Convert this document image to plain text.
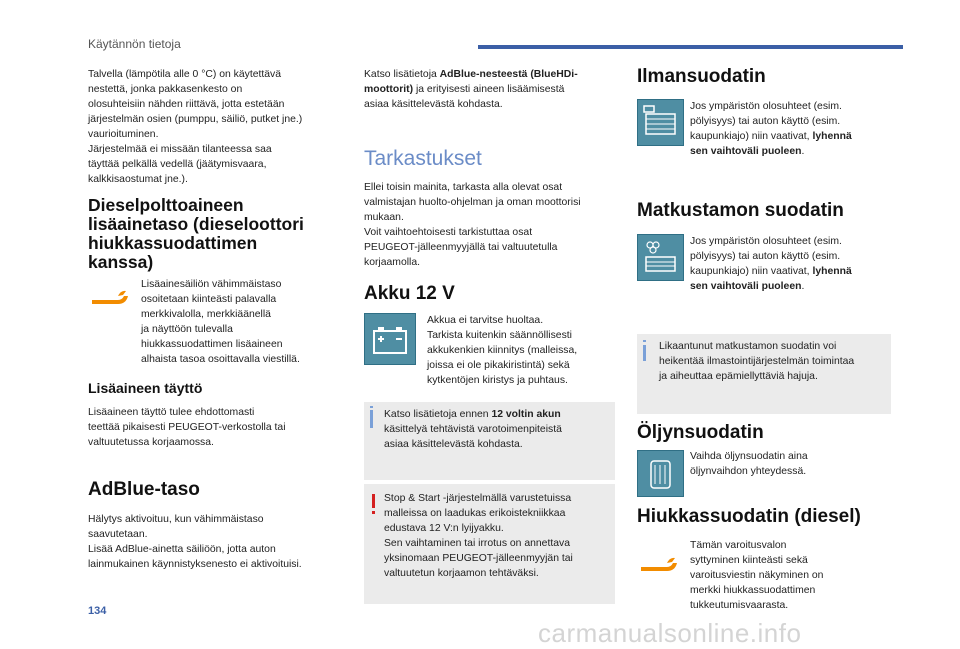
Käytännön tietoja
Talvella (lämpötila alle 0 °C) on käytettävä
nestettä, jonka pakkasenkesto on
olosuhteisiin nähden riittävä, jotta estetään
järjestelmän osien (pumppu, säiliö, putket jne.)
vaurioituminen.
Järjestelmää ei missään tilanteessa saa
täyttää pelkällä vedellä (jäätymisvaara,
kalkkisaostumat jne.).
Dieselpolttoaineen
lisäainetaso (dieseloottori
hiukkassuodattimen
kanssa)
Lisäainesäiliön vähimmäistaso
osoitetaan kiinteästi palavalla
merkkivalolla, merkkiäänellä
ja näyttöön tulevalla
hiukkassuodattimen lisäaineen
alhaista tasoa osoittavalla viestillä.
Lisäaineen täyttö
Lisäaineen täyttö tulee ehdottomasti
teettää pikaisesti PEUGEOT-verkostolla tai
valtuutetussa korjaamossa.
AdBlue-taso
Hälytys aktivoituu, kun vähimmäistaso
saavutetaan.
Lisää AdBlue-ainetta säiliöön, jotta auton
lainmukainen käynnistyksenesto ei aktivoituisi.
Katso lisätietoja AdBlue-nesteestä (BlueHDi-
moottorit) ja erityisesti aineen lisäämisestä
asiaa käsittelevästä kohdasta.
Tarkastukset
Ellei toisin mainita, tarkasta alla olevat osat
valmistajan huolto-ohjelman ja oman moottorisi
mukaan.
Voit vaihtoehtoisesti tarkistuttaa osat
PEUGEOT-jälleenmyyjällä tai valtuutetulla
korjaamolla.
Akku 12 V
Akkua ei tarvitse huoltaa.
Tarkista kuitenkin säännöllisesti
akkukenkien kiinnitys (malleissa,
joissa ei ole pikakiristintä) sekä
kytkentöjen kiristys ja puhtaus.
Katso lisätietoja ennen 12 voltin akun
käsittelyä tehtävistä varotoimenpiteistä
asiaa käsittelevästä kohdasta.
Stop & Start -järjestelmällä varustetuissa
malleissa on laadukas erikoistekniikkaa
edustava 12 V:n lyijyakku.
Sen vaihtaminen tai irrotus on annettava
yksinomaan PEUGEOT-jälleenmyyjän tai
valtuutetun korjaamon tehtäväksi.
Ilmansuodatin
Jos ympäristön olosuhteet (esim.
pölyisyys) tai auton käyttö (esim.
kaupunkiajo) niin vaativat, lyhennä
sen vaihtoväli puoleen.
Matkustamon suodatin
Jos ympäristön olosuhteet (esim.
pölyisyys) tai auton käyttö (esim.
kaupunkiajo) niin vaativat, lyhennä
sen vaihtoväli puoleen.
Likaantunut matkustamon suodatin voi
heikentää ilmastointijärjestelmän toimintaa
ja aiheuttaa epämiellyttäviä hajuja.
Öljynsuodatin
Vaihda öljynsuodatin aina
öljynvaihdon yhteydessä.
Hiukkassuodatin (diesel)
Tämän varoitusvalon
syttyminen kiinteästi sekä
varoitusviestin näkyminen on
merkki hiukkassuodattimen
tukkeutumisvaarasta.
134
carmanualsonline.info
